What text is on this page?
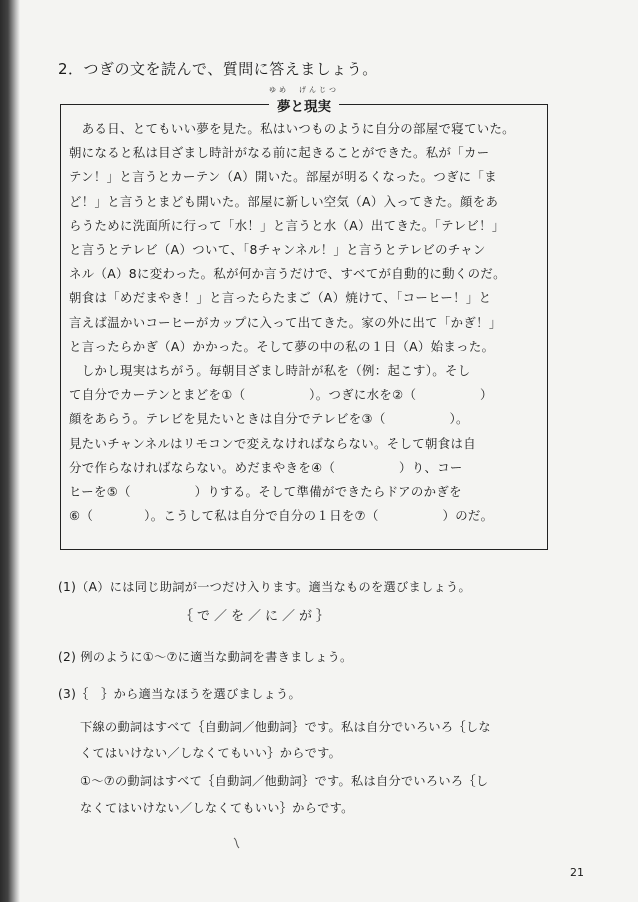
2．つぎの文を読んで、質問に答えましょう。
ゆめ　げんじつ
夢と現実

　ある日、とてもいい夢を見た。私はいつものように自分の部屋で寝ていた。

朝になると私は目ざまし時計がなる前に起きることができた。私が「カー

テン！」と言うとカーテン（A）開いた。部屋が明るくなった。つぎに「ま

ど！」と言うとまども開いた。部屋に新しい空気（A）入ってきた。顔をあ

らうために洗面所に行って「水！」と言うと水（A）出てきた。「テレビ！」

と言うとテレビ（A）ついて、「8チャンネル！」と言うとテレビのチャン

ネル（A）8に変わった。私が何か言うだけで、すべてが自動的に動くのだ。

朝食は「めだまやき！」と言ったらたまご（A）焼けて、「コーヒー！」と

言えば温かいコーヒーがカップに入って出てきた。家の外に出て「かぎ！」

と言ったらかぎ（A）かかった。そして夢の中の私の１日（A）始まった。

　しかし現実はちがう。毎朝目ざまし時計が私を（例：起こす）。そし

て自分でカーテンとまどを①（　　　　　）。つぎに水を②（　　　　　）

顔をあらう。テレビを見たいときは自分でテレビを③（　　　　　）。

見たいチャンネルはリモコンで変えなければならない。そして朝食は自

分で作らなければならない。めだまやきを④（　　　　　）り、コー

ヒーを⑤（　　　　　）りする。そして準備ができたらドアのかぎを

⑥（　　　　）。こうして私は自分で自分の１日を⑦（　　　　　）のだ。

(1)（A）には同じ助詞が一つだけ入ります。適当なものを選びましょう。
｛で／を／に／が｝
(2) 例のように①～⑦に適当な動詞を書きましょう。
(3)｛　｝から適当なほうを選びましょう。
下線の動詞はすべて｛自動詞／他動詞｝です。私は自分でいろいろ｛しな
くてはいけない／しなくてもいい｝からです。
①～⑦の動詞はすべて｛自動詞／他動詞｝です。私は自分でいろいろ｛し
なくてはいけない／しなくてもいい｝からです。
21
